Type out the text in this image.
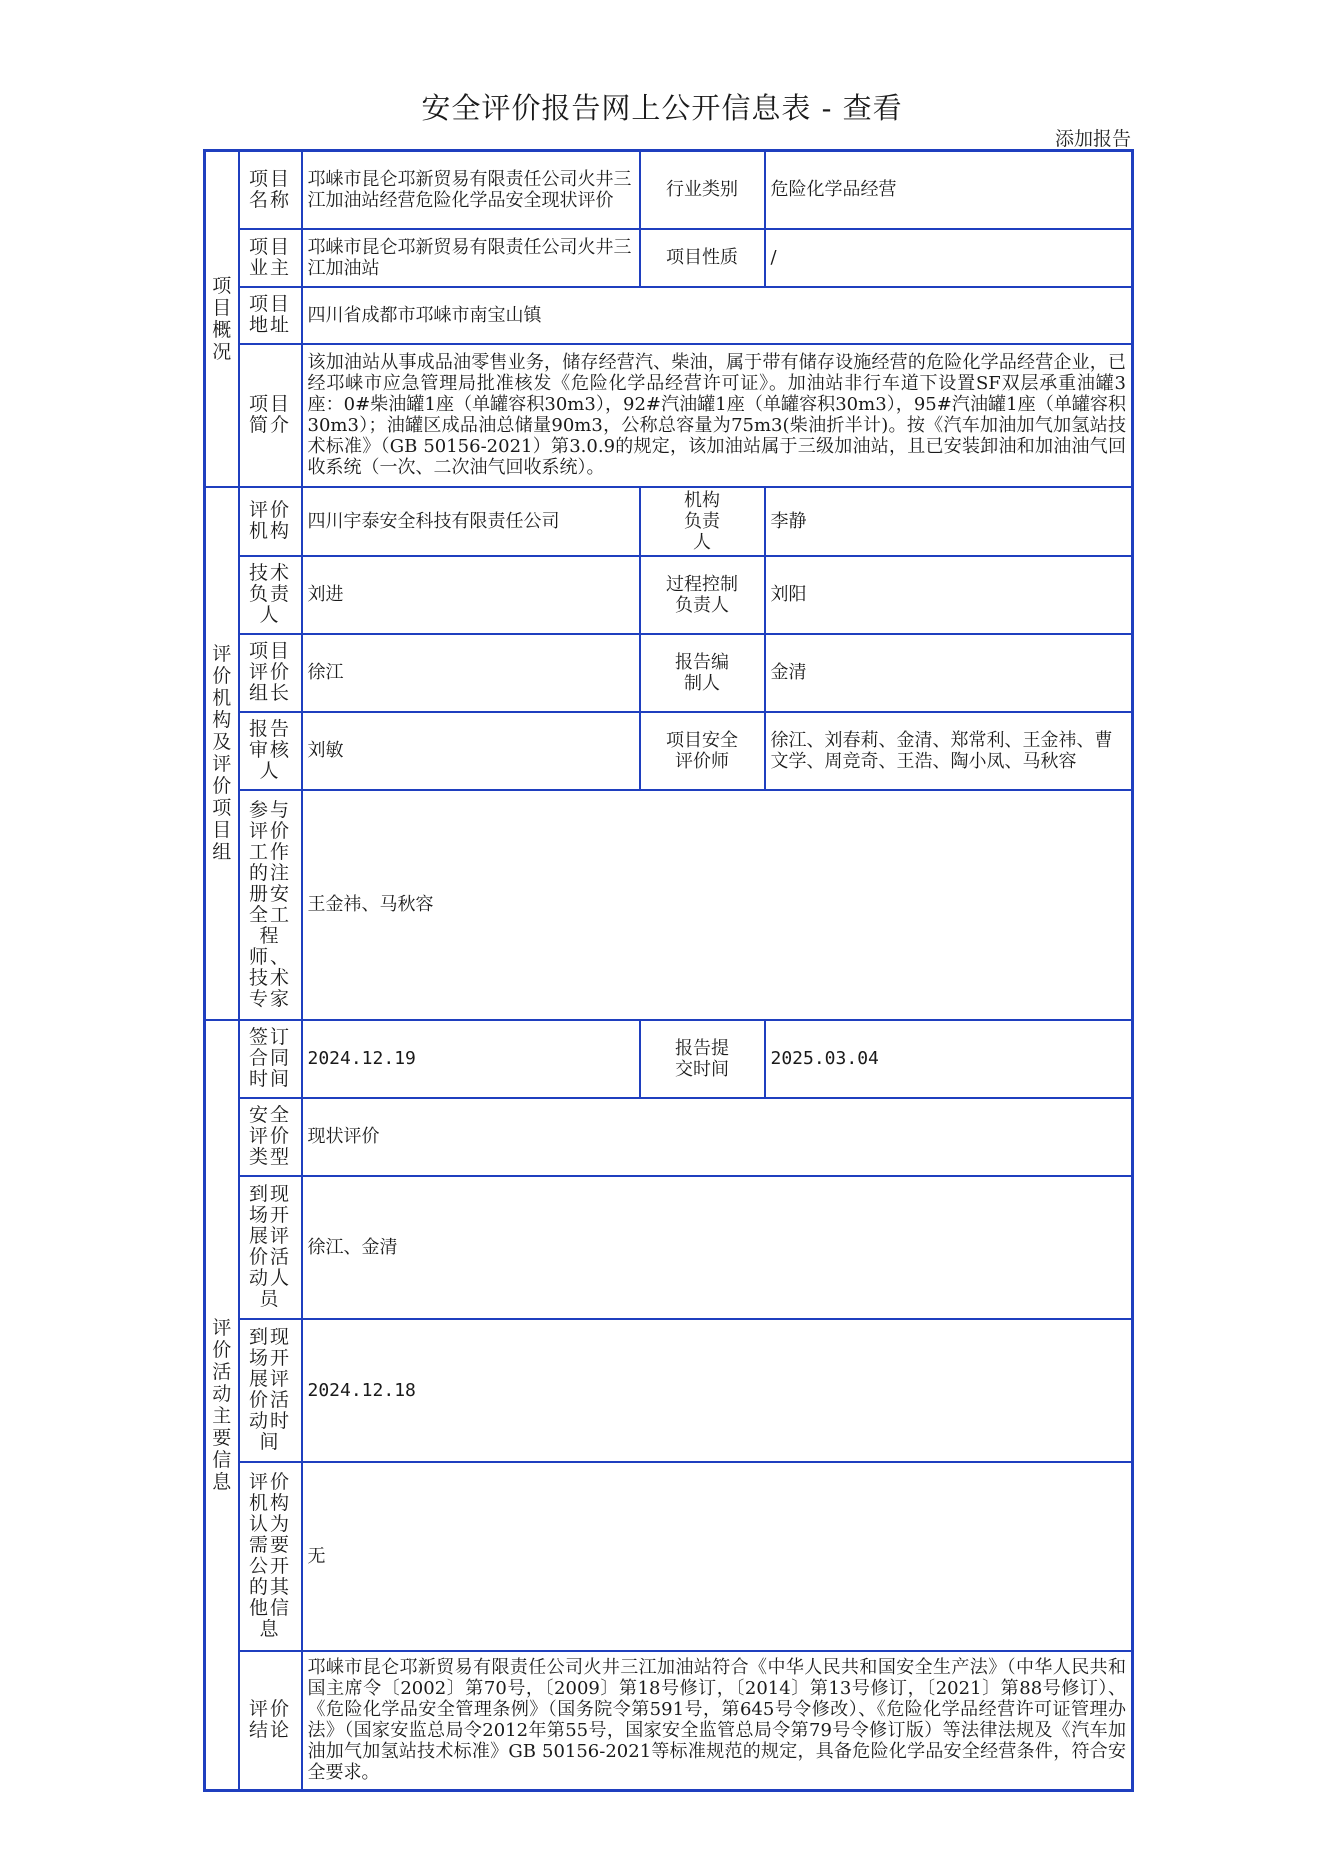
安全评价报告网上公开信息表 - 查看
添加报告
项目概况	项目名称	邛崃市昆仑邛新贸易有限责任公司火井三江加油站经营危险化学品安全现状评价	行业类别	危险化学品经营
	项目业主	邛崃市昆仑邛新贸易有限责任公司火井三江加油站	项目性质	/
	项目地址	四川省成都市邛崃市南宝山镇		
	项目简介	该加油站从事成品油零售业务，储存经营汽、柴油，属于带有储存设施经营的危险化学品经营企业，已经邛崃市应急管理局批准核发《危险化学品经营许可证》。加油站非行车道下设置SF双层承重油罐3座：0#柴油罐1座（单罐容积30m3），92#汽油罐1座（单罐容积30m3），95#汽油罐1座（单罐容积30m3）；油罐区成品油总储量90m3，公称总容量为75m3(柴油折半计)。按《汽车加油加气加氢站技术标准》（GB 50156-2021）第3.0.9的规定，该加油站属于三级加油站，且已安装卸油和加油油气回收系统（一次、二次油气回收系统）。		
评价机构及评价项目组	评价机构	四川宇泰安全科技有限责任公司	机构负责人	李静
	技术负责人	刘进	过程控制负责人	刘阳
	项目评价组长	徐江	报告编制人	金清
	报告审核人	刘敏	项目安全评价师	徐江、刘春莉、金清、郑常利、王金祎、曹文学、周竞奇、王浩、陶小凤、马秋容
	参与评价工作的注册安全工程师、技术专家	王金祎、马秋容		
评价活动主要信息	签订合同时间	2024.12.19	报告提交时间	2025.03.04
	安全评价类型	现状评价		
	到现场开展评价活动人员	徐江、金清		
	到现场开展评价活动时间	2024.12.18		
	评价机构认为需要公开的其他信息	无		
	评价结论	邛崃市昆仑邛新贸易有限责任公司火井三江加油站符合《中华人民共和国安全生产法》（中华人民共和国主席令〔2002〕第70号，〔2009〕第18号修订，〔2014〕第13号修订，〔2021〕第88号修订）、《危险化学品安全管理条例》（国务院令第591号，第645号令修改）、《危险化学品经营许可证管理办法》（国家安监总局令2012年第55号，国家安全监管总局令第79号令修订版）等法律法规及《汽车加油加气加氢站技术标准》GB 50156-2021等标准规范的规定，具备危险化学品安全经营条件，符合安全要求。		
